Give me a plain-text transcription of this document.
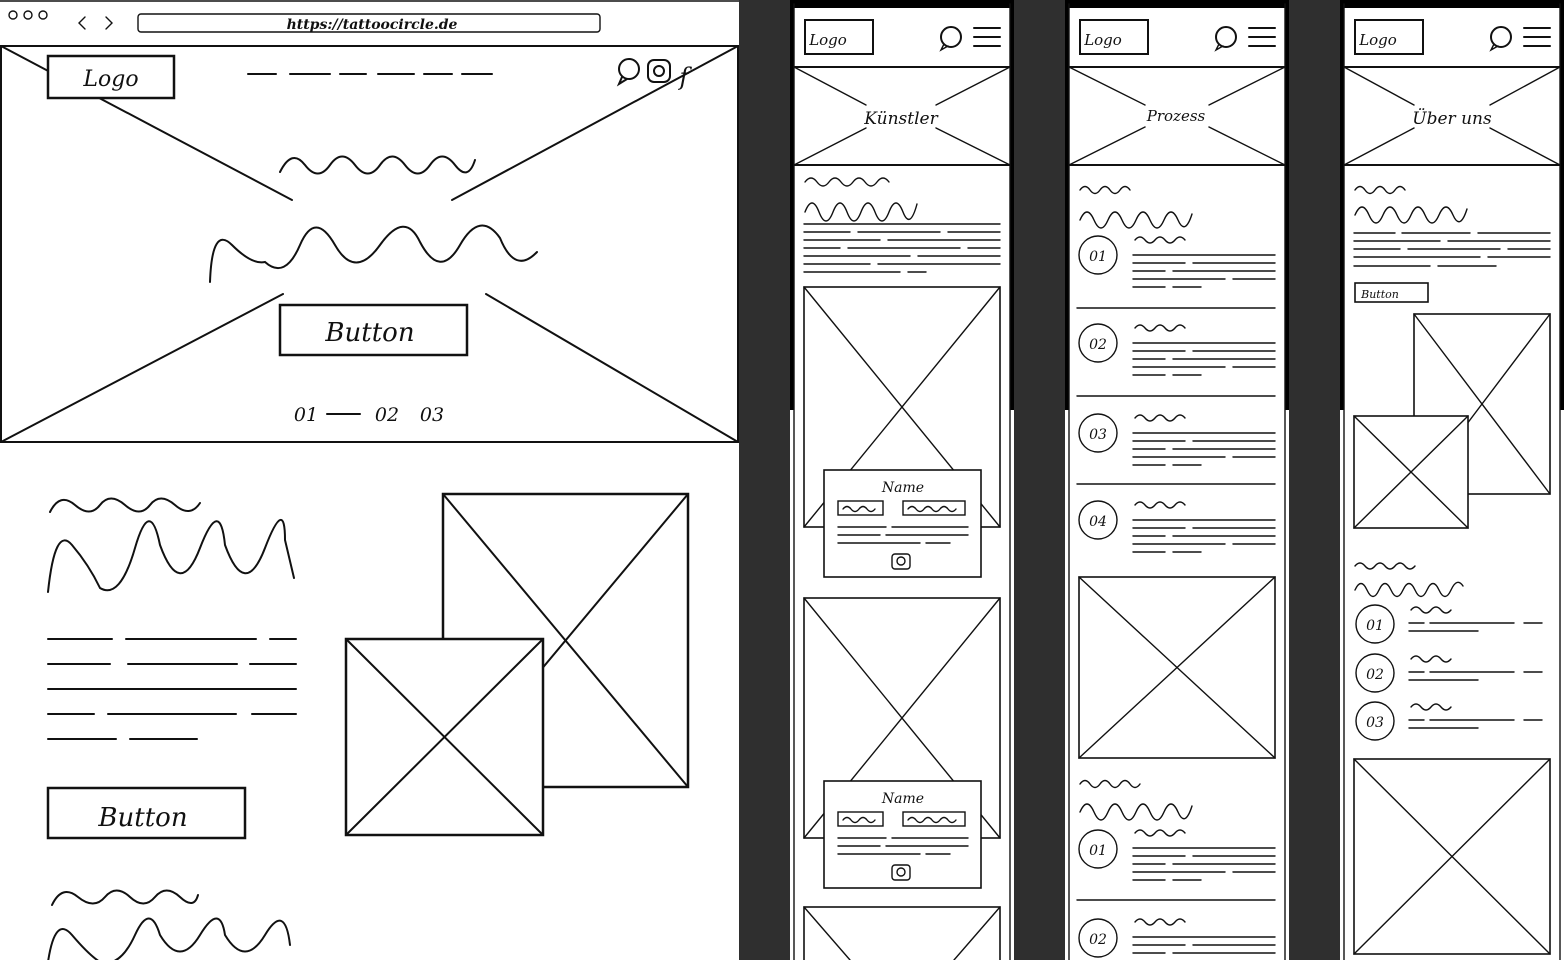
https://tattoocircle.de
Logo	f
Button
01	02 03
Button
Logo
Künstler
Name
Name
Logo
Prozess
01
02
03
04
01
02
Logo
Über uns
Button
01
02
03
